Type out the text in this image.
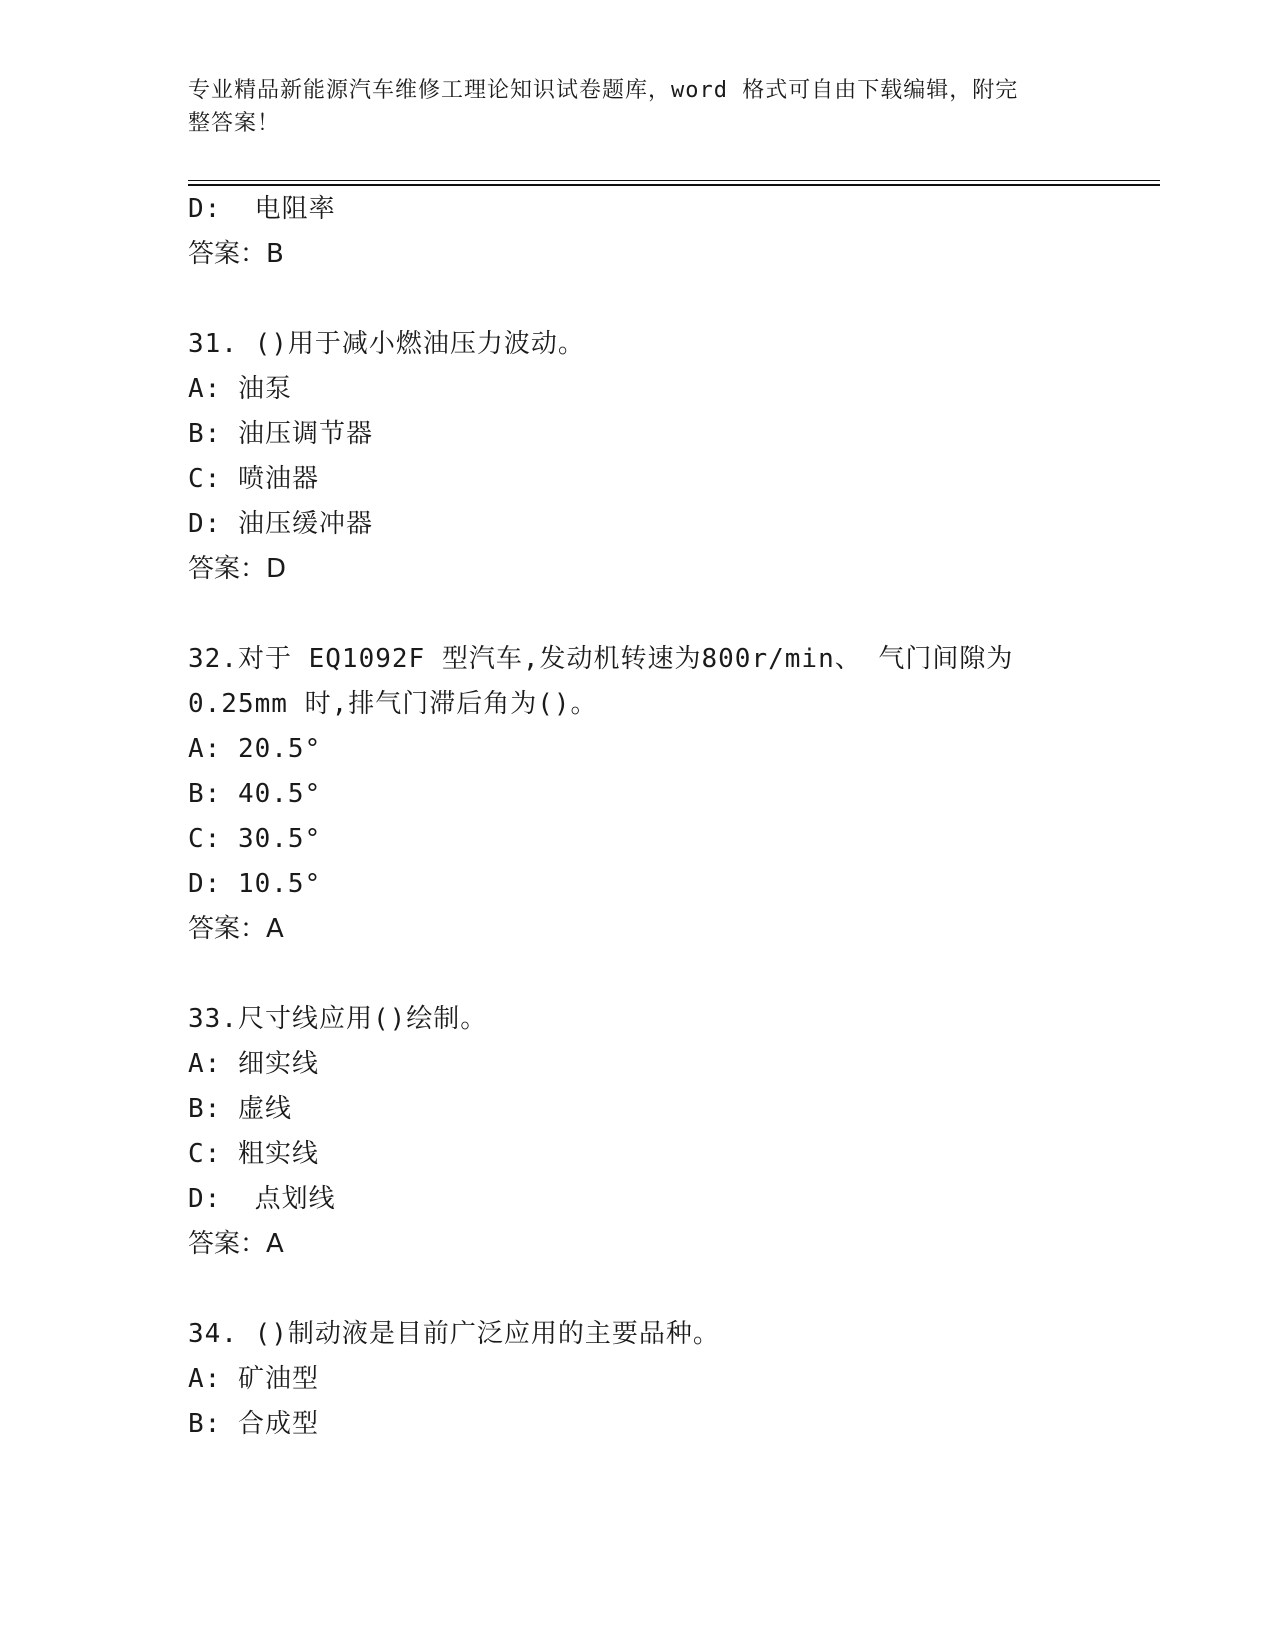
专业精品新能源汽车维修工理论知识试卷题库，word 格式可自由下载编辑，附完
整答案！
D:  电阻率
答案：B
31. ()用于减小燃油压力波动。
A: 油泵
B: 油压调节器
C: 喷油器
D: 油压缓冲器
答案：D
32.对于 EQ1092F 型汽车,发动机转速为800r/min、 气门间隙为
0.25mm 时,排气门滞后角为()。
A: 20.5°
B: 40.5°
C: 30.5°
D: 10.5°
答案：A
33.尺寸线应用()绘制。
A: 细实线
B: 虚线
C: 粗实线
D:  点划线
答案：A
34. ()制动液是目前广泛应用的主要品种。
A: 矿油型
B: 合成型
